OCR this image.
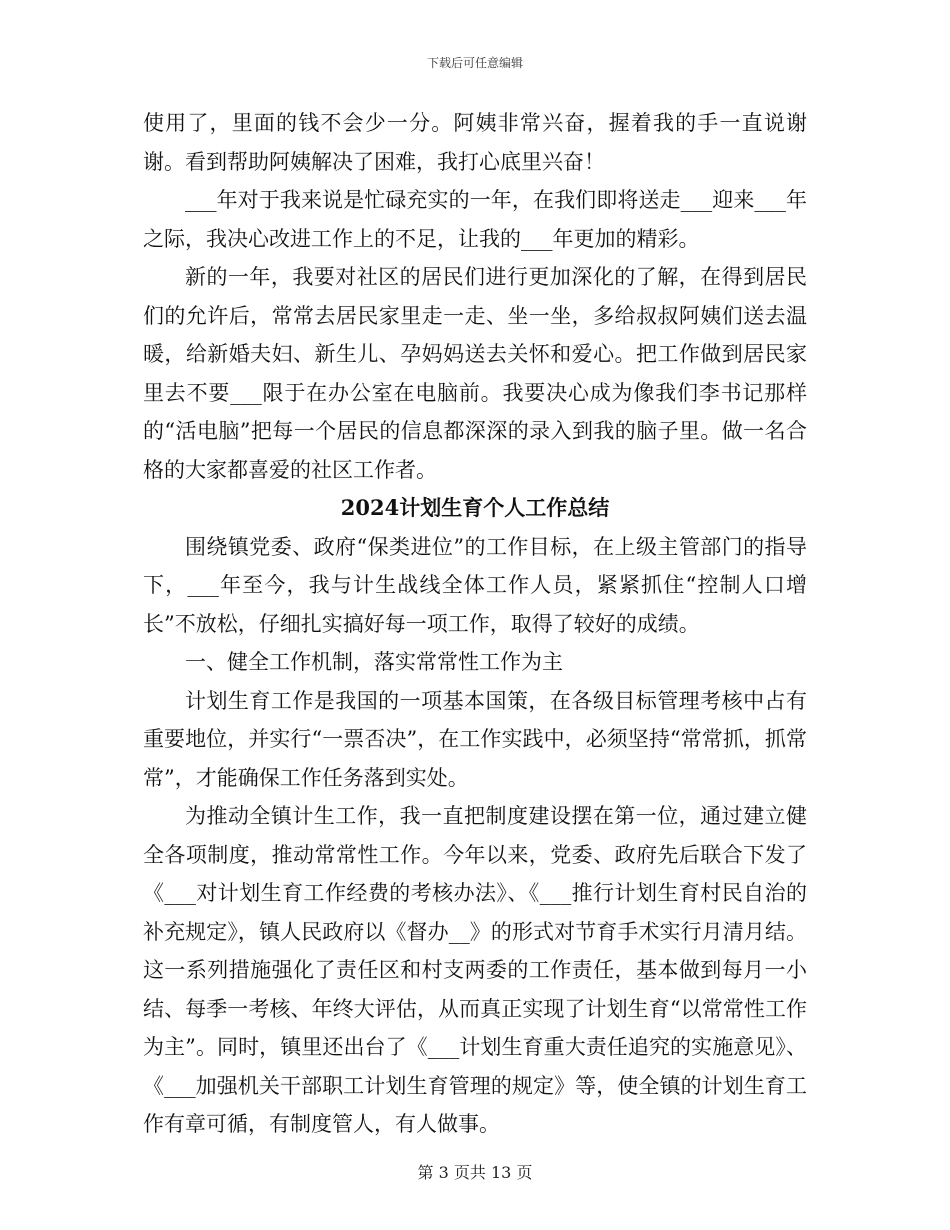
下载后可任意编辑

使用了，里面的钱不会少一分。阿姨非常兴奋，握着我的手一直说谢谢。看到帮助阿姨解决了困难，我打心底里兴奋！

___年对于我来说是忙碌充实的一年，在我们即将送走___迎来___年之际，我决心改进工作上的不足，让我的___年更加的精彩。

新的一年，我要对社区的居民们进行更加深化的了解，在得到居民们的允许后，常常去居民家里走一走、坐一坐，多给叔叔阿姨们送去温暖，给新婚夫妇、新生儿、孕妈妈送去关怀和爱心。把工作做到居民家里去不要___限于在办公室在电脑前。我要决心成为像我们李书记那样的“活电脑”把每一个居民的信息都深深的录入到我的脑子里。做一名合格的大家都喜爱的社区工作者。

2024计划生育个人工作总结

围绕镇党委、政府“保类进位”的工作目标，在上级主管部门的指导下，___年至今，我与计生战线全体工作人员，紧紧抓住“控制人口增长”不放松，仔细扎实搞好每一项工作，取得了较好的成绩。

一、健全工作机制，落实常常性工作为主

计划生育工作是我国的一项基本国策，在各级目标管理考核中占有重要地位，并实行“一票否决”，在工作实践中，必须坚持“常常抓，抓常常”，才能确保工作任务落到实处。

为推动全镇计生工作，我一直把制度建设摆在第一位，通过建立健全各项制度，推动常常性工作。今年以来，党委、政府先后联合下发了《___对计划生育工作经费的考核办法》、《___推行计划生育村民自治的补充规定》，镇人民政府以《督办__》的形式对节育手术实行月清月结。这一系列措施强化了责任区和村支两委的工作责任，基本做到每月一小结、每季一考核、年终大评估，从而真正实现了计划生育“以常常性工作为主”。同时，镇里还出台了《___计划生育重大责任追究的实施意见》、《___加强机关干部职工计划生育管理的规定》等，使全镇的计划生育工作有章可循，有制度管人，有人做事。

第 3 页共 13 页
